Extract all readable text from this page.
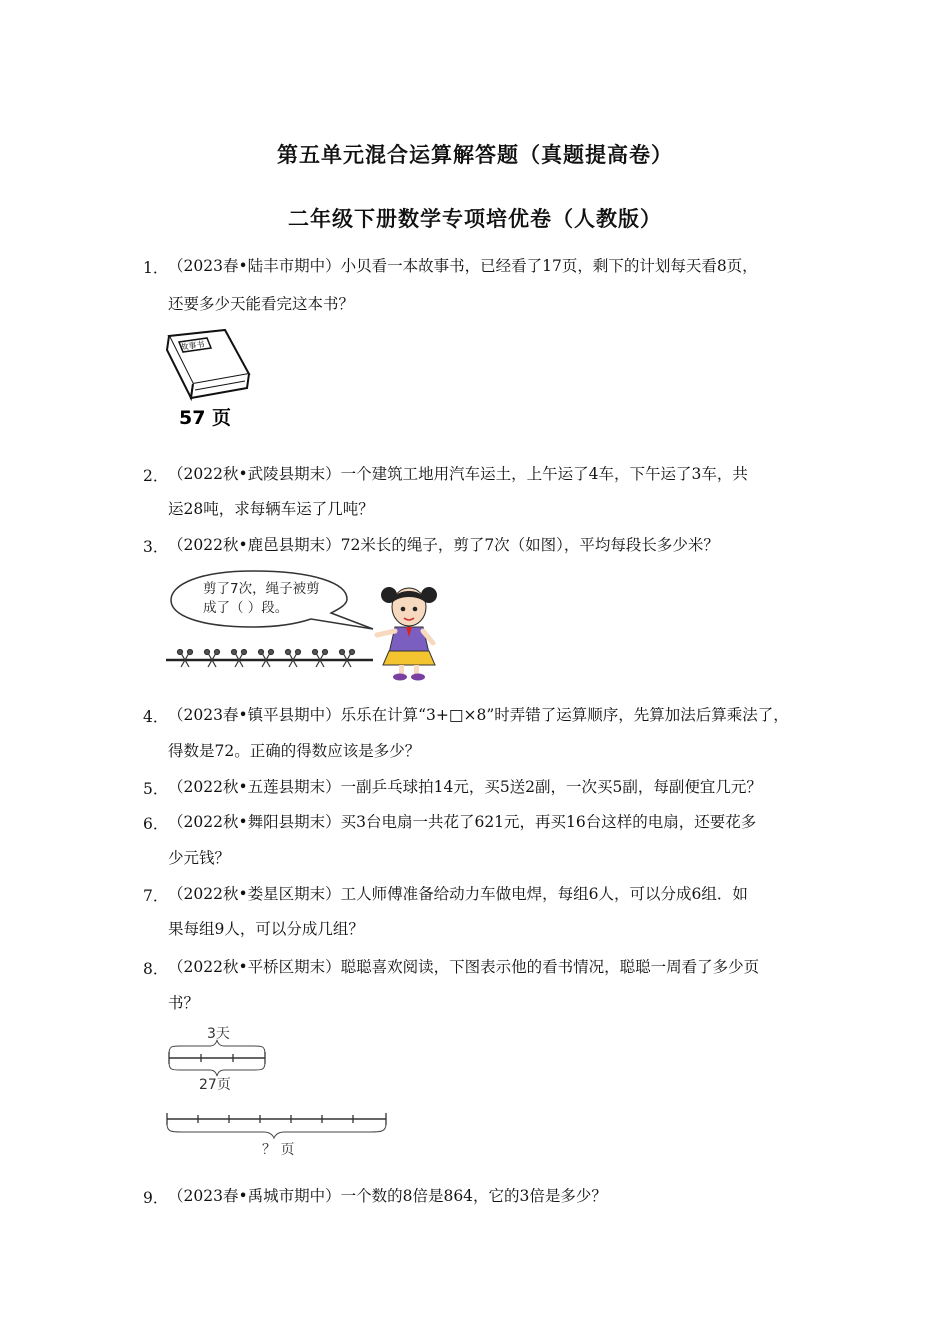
第五单元混合运算解答题（真题提高卷）
二年级下册数学专项培优卷（人教版）
1． （2023春•陆丰市期中）小贝看一本故事书，已经看了17页，剩下的计划每天看8页，
还要多少天能看完这本书？
故事书
57 页
2． （2022秋•武陵县期末）一个建筑工地用汽车运土，上午运了4车，下午运了3车，共
运28吨，求每辆车运了几吨？
3． （2022秋•鹿邑县期末）72米长的绳子，剪了7次（如图），平均每段长多少米？
剪了7次，绳子被剪
成了（ ）段。
4． （2023春•镇平县期中）乐乐在计算“3+□×8”时弄错了运算顺序，先算加法后算乘法了，
得数是72。正确的得数应该是多少？
5． （2022秋•五莲县期末）一副乒乓球拍14元，买5送2副，一次买5副，每副便宜几元？
6． （2022秋•舞阳县期末）买3台电扇一共花了621元，再买16台这样的电扇，还要花多
少元钱？
7． （2022秋•娄星区期末）工人师傅准备给动力车做电焊，每组6人，可以分成6组．如
果每组9人，可以分成几组？
8． （2022秋•平桥区期末）聪聪喜欢阅读，下图表示他的看书情况，聪聪一周看了多少页
书？
3天
27页
？ 页
9． （2023春•禹城市期中）一个数的8倍是864，它的3倍是多少？
